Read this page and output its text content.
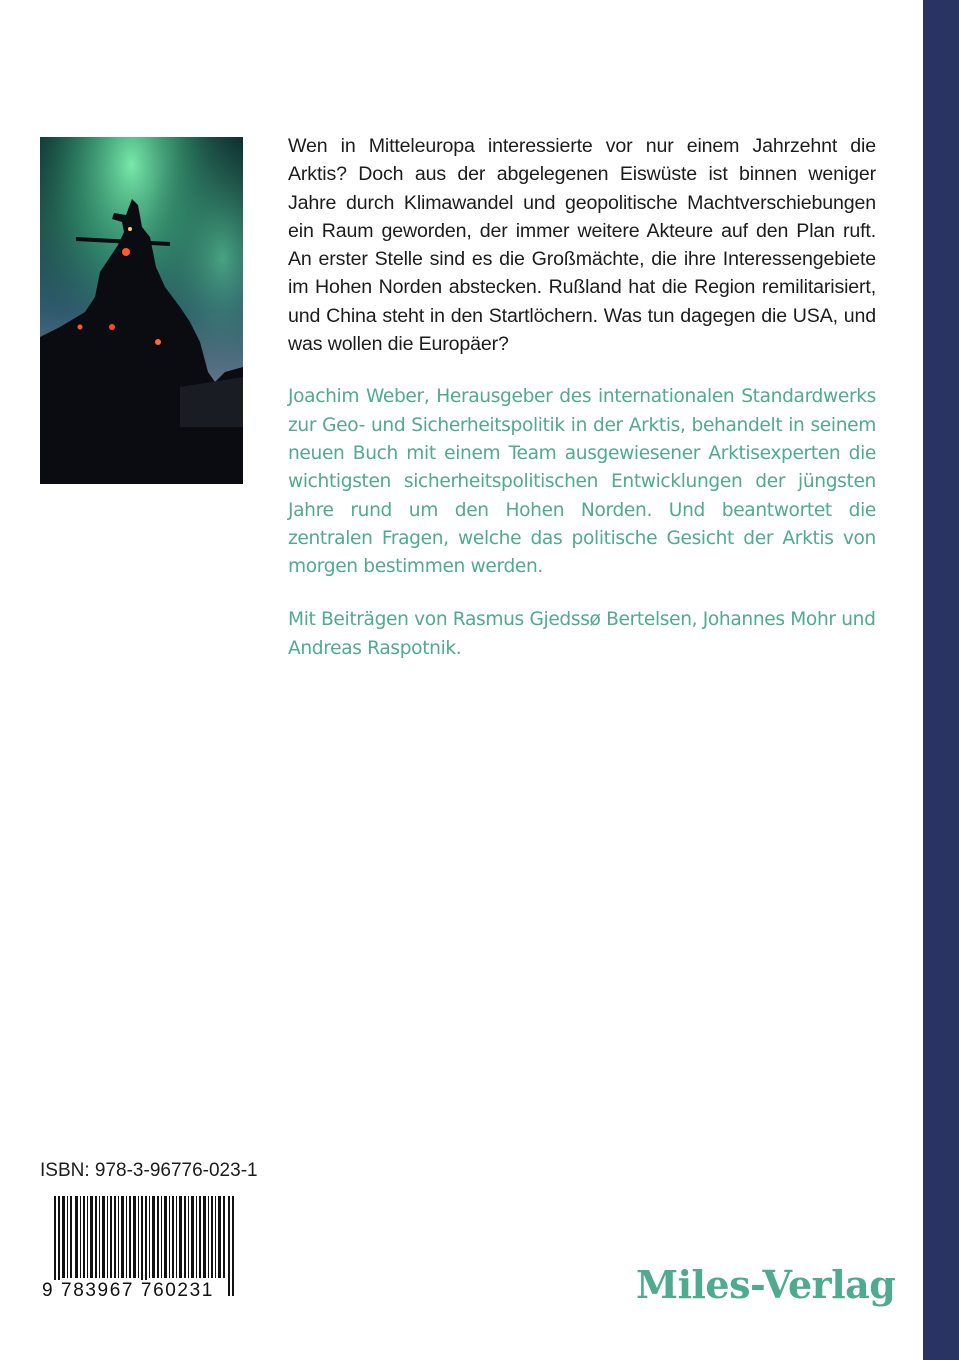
Wen in Mitteleuropa interessierte vor nur einem Jahrzehnt die Arktis? Doch aus der abgelegenen Eiswüste ist binnen weniger Jahre durch Klimawandel und geopolitische Machtverschiebungen ein Raum geworden, der immer weitere Akteure auf den Plan ruft. An erster Stelle sind es die Großmächte, die ihre Interessengebiete im Hohen Norden abstecken. Rußland hat die Region remilitarisiert, und China steht in den Startlöchern. Was tun dagegen die USA, und was wollen die Europäer?

Joachim Weber, Herausgeber des internationalen Standardwerks zur Geo- und Sicherheitspolitik in der Arktis, behandelt in seinem neuen Buch mit einem Team ausgewiesener Arktisexperten die wichtigsten sicherheitspolitischen Entwicklungen der jüngsten Jahre rund um den Hohen Norden. Und beantwortet die zentralen Fragen, welche das politische Gesicht der Arktis von morgen bestimmen werden.

Mit Beiträgen von Rasmus Gjedssø Bertelsen, Johannes Mohr und Andreas Raspotnik.

ISBN: 978-3-96776-023-1
9 783967 760231	Miles-Verlag
